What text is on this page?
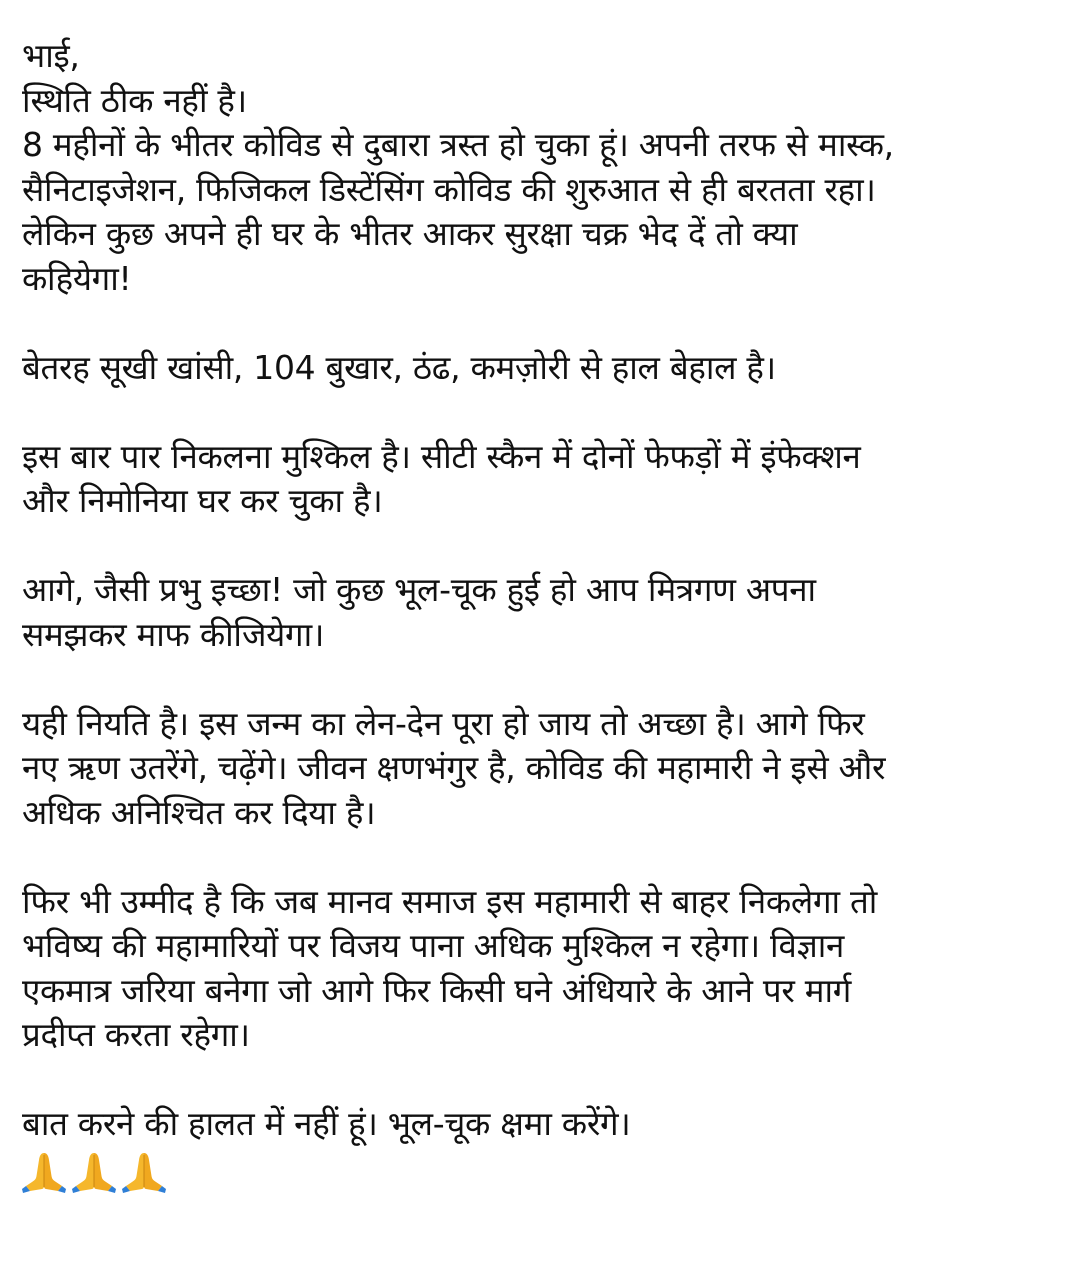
भाई,
स्थिति ठीक नहीं है।
8 महीनों के भीतर कोविड से दुबारा त्रस्त हो चुका हूं। अपनी तरफ से मास्क,
सैनिटाइजेशन, फिजिकल डिस्टेंसिंग कोविड की शुरुआत से ही बरतता रहा।
लेकिन कुछ अपने ही घर के भीतर आकर सुरक्षा चक्र भेद दें तो क्या
कहियेगा!
बेतरह सूखी खांसी, 104 बुखार, ठंढ, कमज़ोरी से हाल बेहाल है।
इस बार पार निकलना मुश्किल है। सीटी स्कैन में दोनों फेफड़ों में इंफेक्शन
और निमोनिया घर कर चुका है।
आगे, जैसी प्रभु इच्छा! जो कुछ भूल-चूक हुई हो आप मित्रगण अपना
समझकर माफ कीजियेगा।
यही नियति है। इस जन्म का लेन-देन पूरा हो जाय तो अच्छा है। आगे फिर
नए ऋण उतरेंगे, चढ़ेंगे। जीवन क्षणभंगुर है, कोविड की महामारी ने इसे और
अधिक अनिश्चित कर दिया है।
फिर भी उम्मीद है कि जब मानव समाज इस महामारी से बाहर निकलेगा तो
भविष्य की महामारियों पर विजय पाना अधिक मुश्किल न रहेगा। विज्ञान
एकमात्र जरिया बनेगा जो आगे फिर किसी घने अंधियारे के आने पर मार्ग
प्रदीप्त करता रहेगा।
बात करने की हालत में नहीं हूं। भूल-चूक क्षमा करेंगे।
